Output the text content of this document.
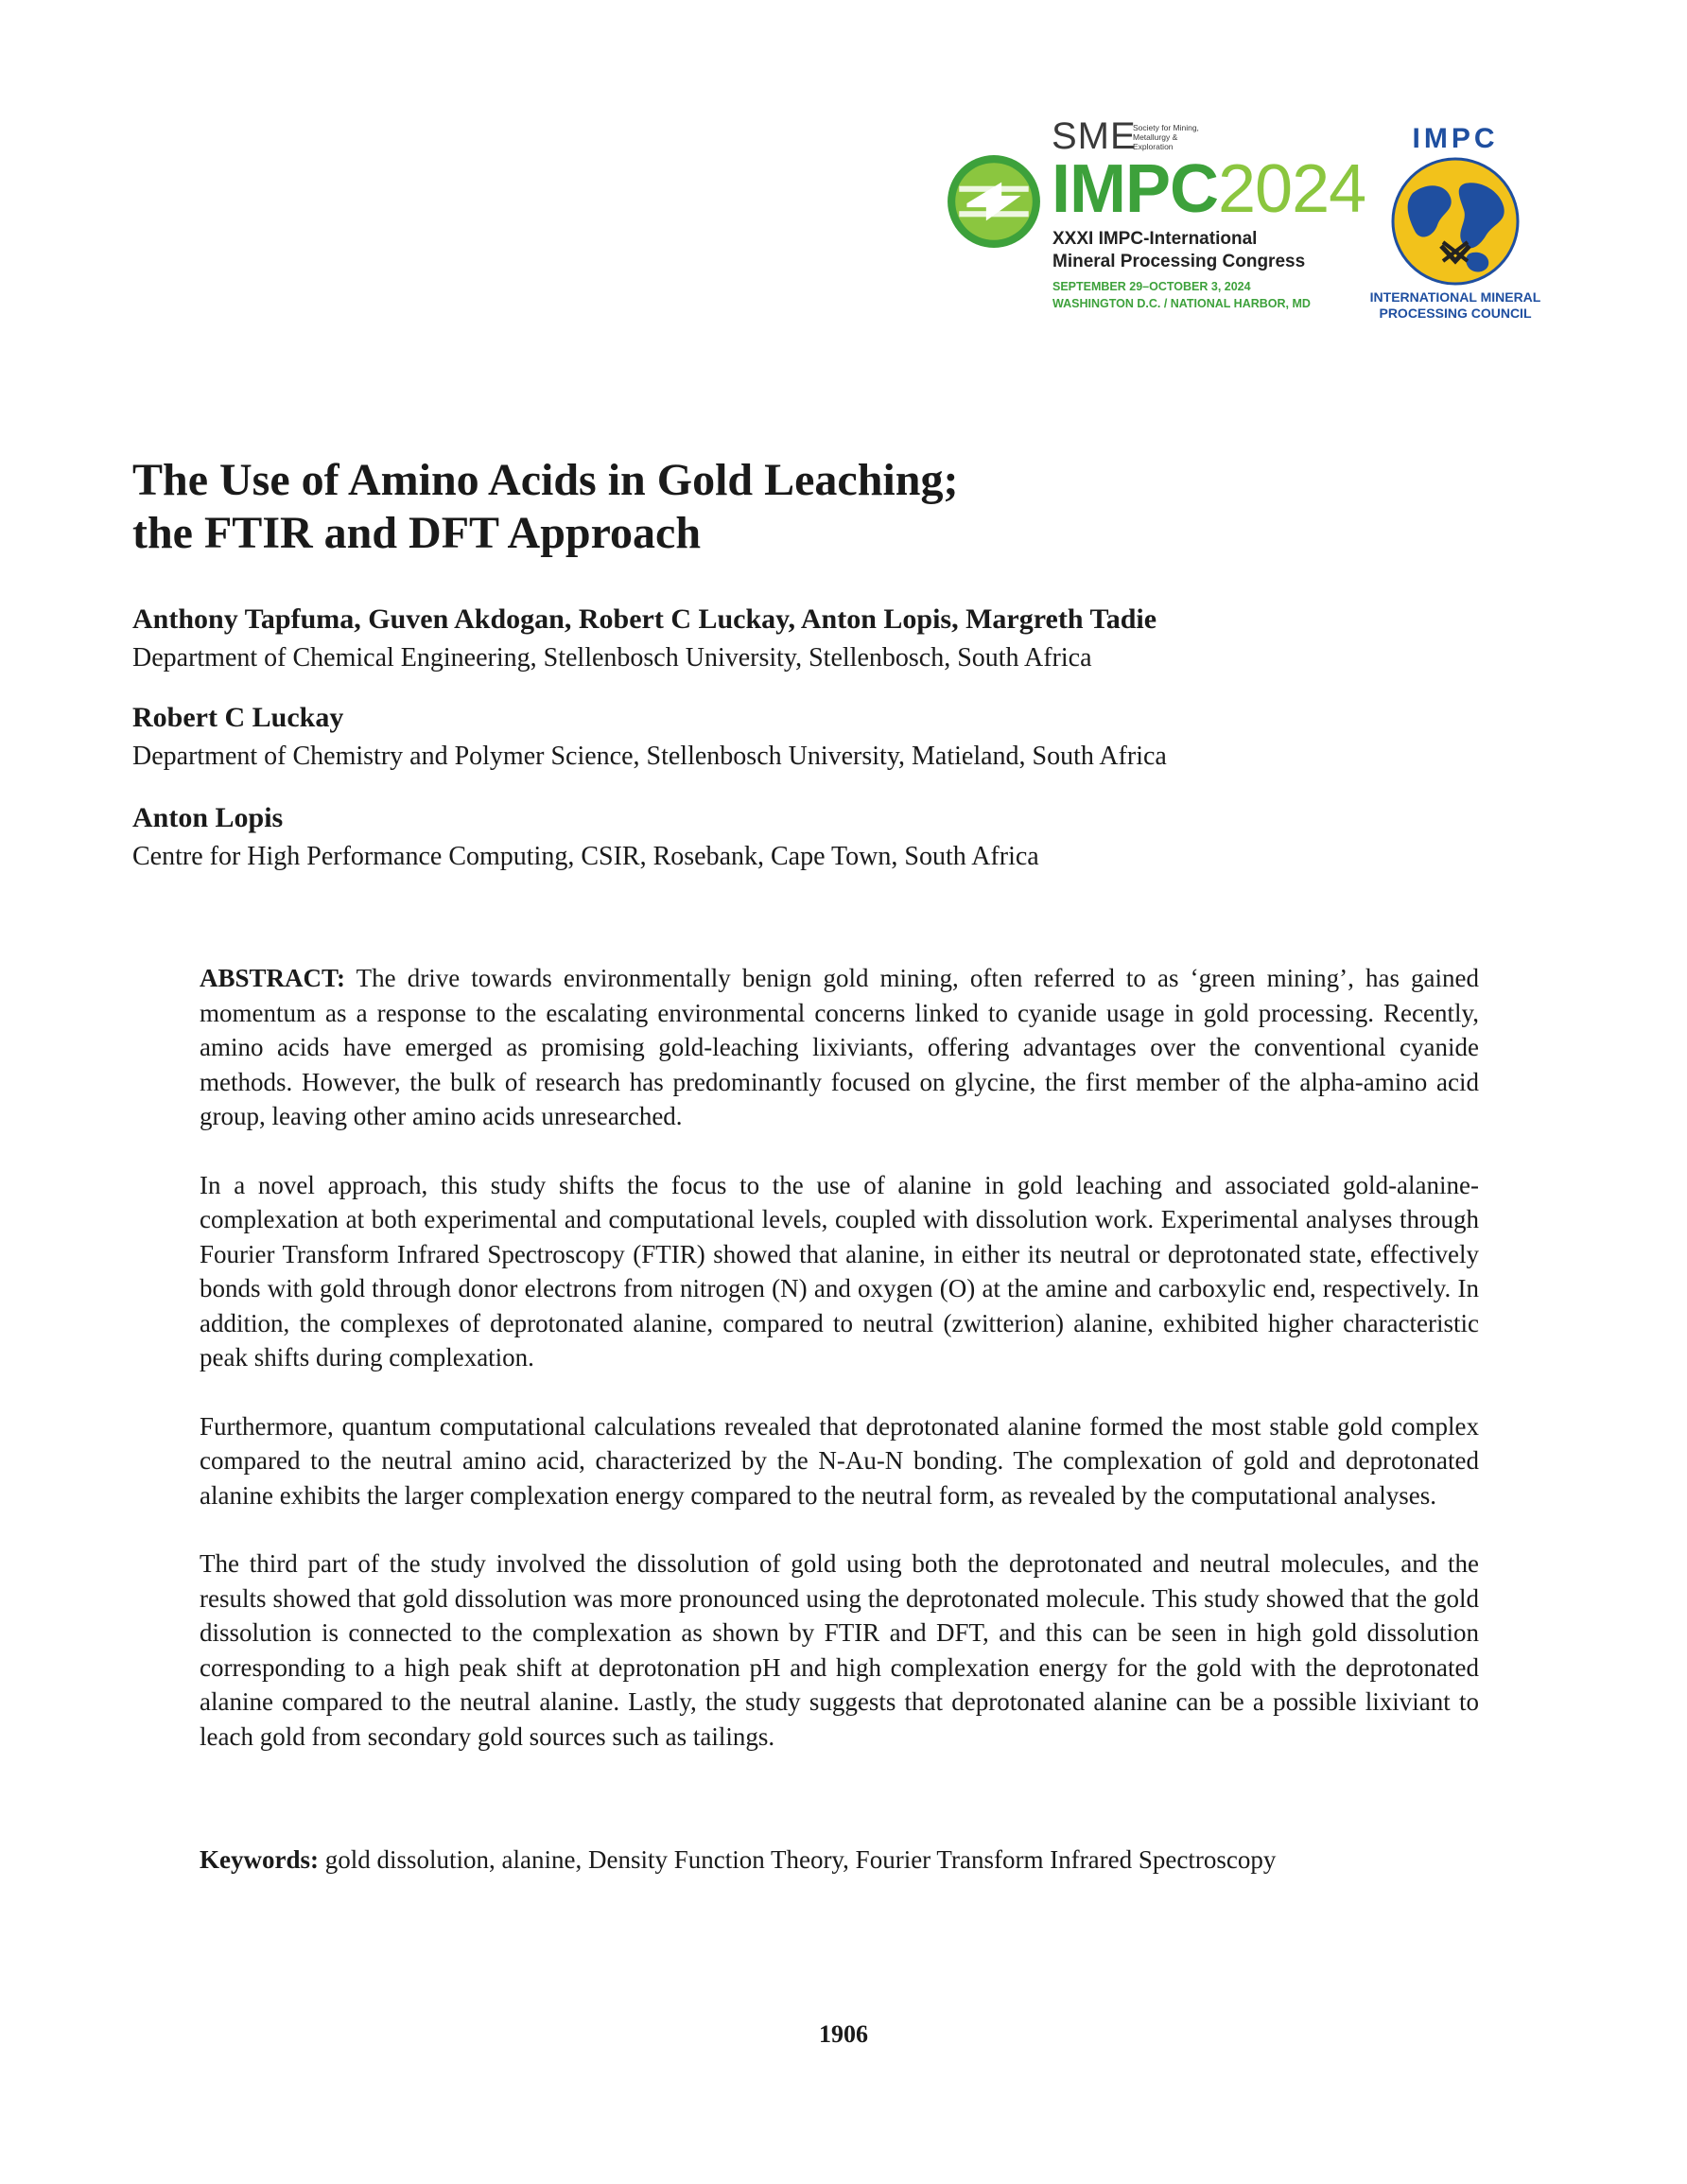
SME
Society for Mining, Metallurgy & Exploration
IMPC2024
XXXI IMPC-International
Mineral Processing Congress
SEPTEMBER 29–OCTOBER 3, 2024
WASHINGTON D.C. / NATIONAL HARBOR, MD
IMPC
INTERNATIONAL MINERAL
PROCESSING COUNCIL
The Use of Amino Acids in Gold Leaching;
the FTIR and DFT Approach
Anthony Tapfuma, Guven Akdogan, Robert C Luckay, Anton Lopis, Margreth Tadie
Department of Chemical Engineering, Stellenbosch University, Stellenbosch, South Africa
Robert C Luckay
Department of Chemistry and Polymer Science, Stellenbosch University, Matieland, South Africa
Anton Lopis
Centre for High Performance Computing, CSIR, Rosebank, Cape Town, South Africa

ABSTRACT: The drive towards environmentally benign gold mining, often referred to as ‘green mining’, has gained momentum as a response to the escalating environmental concerns linked to cyanide usage in gold processing. Recently, amino acids have emerged as promising gold-leaching lixiviants, offering advantages over the conventional cyanide methods. However, the bulk of research has predominantly focused on glycine, the first member of the alpha-amino acid group, leaving other amino acids unresearched.

In a novel approach, this study shifts the focus to the use of alanine in gold leaching and associated gold-alanine-complexation at both experimental and computational levels, coupled with dissolution work. Experimental analyses through Fourier Transform Infrared Spectroscopy (FTIR) showed that alanine, in either its neutral or deprotonated state, effectively bonds with gold through donor electrons from nitrogen (N) and oxygen (O) at the amine and carboxylic end, respectively. In addition, the complexes of deprotonated alanine, compared to neutral (zwitterion) alanine, exhibited higher characteristic peak shifts during complexation.

Furthermore, quantum computational calculations revealed that deprotonated alanine formed the most stable gold complex compared to the neutral amino acid, characterized by the N-Au-N bonding. The complexation of gold and deprotonated alanine exhibits the larger complexation energy compared to the neutral form, as revealed by the computational analyses.

The third part of the study involved the dissolution of gold using both the deprotonated and neutral molecules, and the results showed that gold dissolution was more pronounced using the deprotonated molecule. This study showed that the gold dissolution is connected to the complexation as shown by FTIR and DFT, and this can be seen in high gold dissolution corresponding to a high peak shift at deprotonation pH and high complexation energy for the gold with the deprotonated alanine compared to the neutral alanine. Lastly, the study suggests that deprotonated alanine can be a possible lixiviant to leach gold from secondary gold sources such as tailings.

Keywords: gold dissolution, alanine, Density Function Theory, Fourier Transform Infrared Spectroscopy
1906
